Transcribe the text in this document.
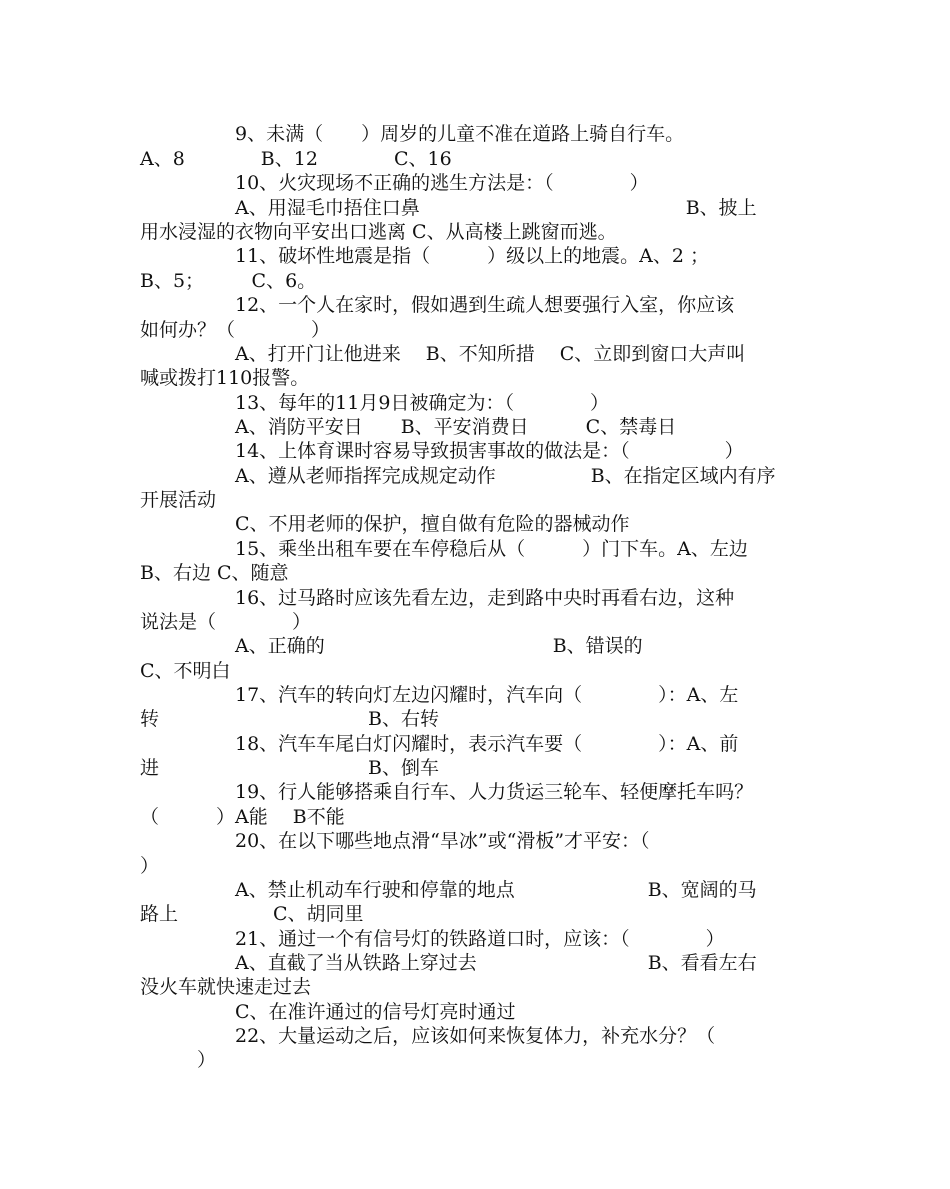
　　　　　9、未满（　　）周岁的儿童不准在道路上骑自行车。
A、8　　　　B、12　　　　C、16
　　　　　10、火灾现场不正确的逃生方法是：（　　　　）
　　　　　A、用湿毛巾捂住口鼻　　　　　　　　　　　　　　B、披上
用水浸湿的衣物向平安出口逃离 C、从高楼上跳窗而逃。
　　　　　11、破坏性地震是指（　　　）级以上的地震。A、2 ；
B、5；　　　C、6。
　　　　　12、一个人在家时，假如遇到生疏人想要强行入室，你应该
如何办？（　　　　）
　　　　　A、打开门让他进来　 B、不知所措　 C、立即到窗口大声叫
喊或拨打110报警。
　　　　　13、每年的11月9日被确定为：（　　　　）
　　　　　A、消防平安日　　B、平安消费日　　　C、禁毒日
　　　　　14、上体育课时容易导致损害事故的做法是：（　　　　　）
　　　　　A、遵从老师指挥完成规定动作　　　　　B、在指定区域内有序
开展活动
　　　　　C、不用老师的保护，擅自做有危险的器械动作
　　　　　15、乘坐出租车要在车停稳后从（　　　）门下车。A、左边
B、右边 C、随意
　　　　　16、过马路时应该先看左边，走到路中央时再看右边，这种
说法是（　　　　）
　　　　　A、正确的　　　　　　　　　　　　B、错误的
C、不明白
　　　　　17、汽车的转向灯左边闪耀时，汽车向（　　　　）：A、左
转　　　　　　　　　　　B、右转
　　　　　18、汽车车尾白灯闪耀时，表示汽车要（　　　　）：A、前
进　　　　　　　　　　　B、倒车
　　　　　19、行人能够搭乘自行车、人力货运三轮车、轻便摩托车吗？
（　　　）A能　 B不能
　　　　　20、在以下哪些地点滑“旱冰”或“滑板”才平安：（
）
　　　　　A、禁止机动车行驶和停靠的地点　　　　　　　B、宽阔的马
路上　　　　　C、胡同里
　　　　　21、通过一个有信号灯的铁路道口时，应该：（　　　　）
　　　　　A、直截了当从铁路上穿过去　　　　　　　　　B、看看左右
没火车就快速走过去
　　　　　C、在准许通过的信号灯亮时通过
　　　　　22、大量运动之后，应该如何来恢复体力，补充水分？（
　　　）
